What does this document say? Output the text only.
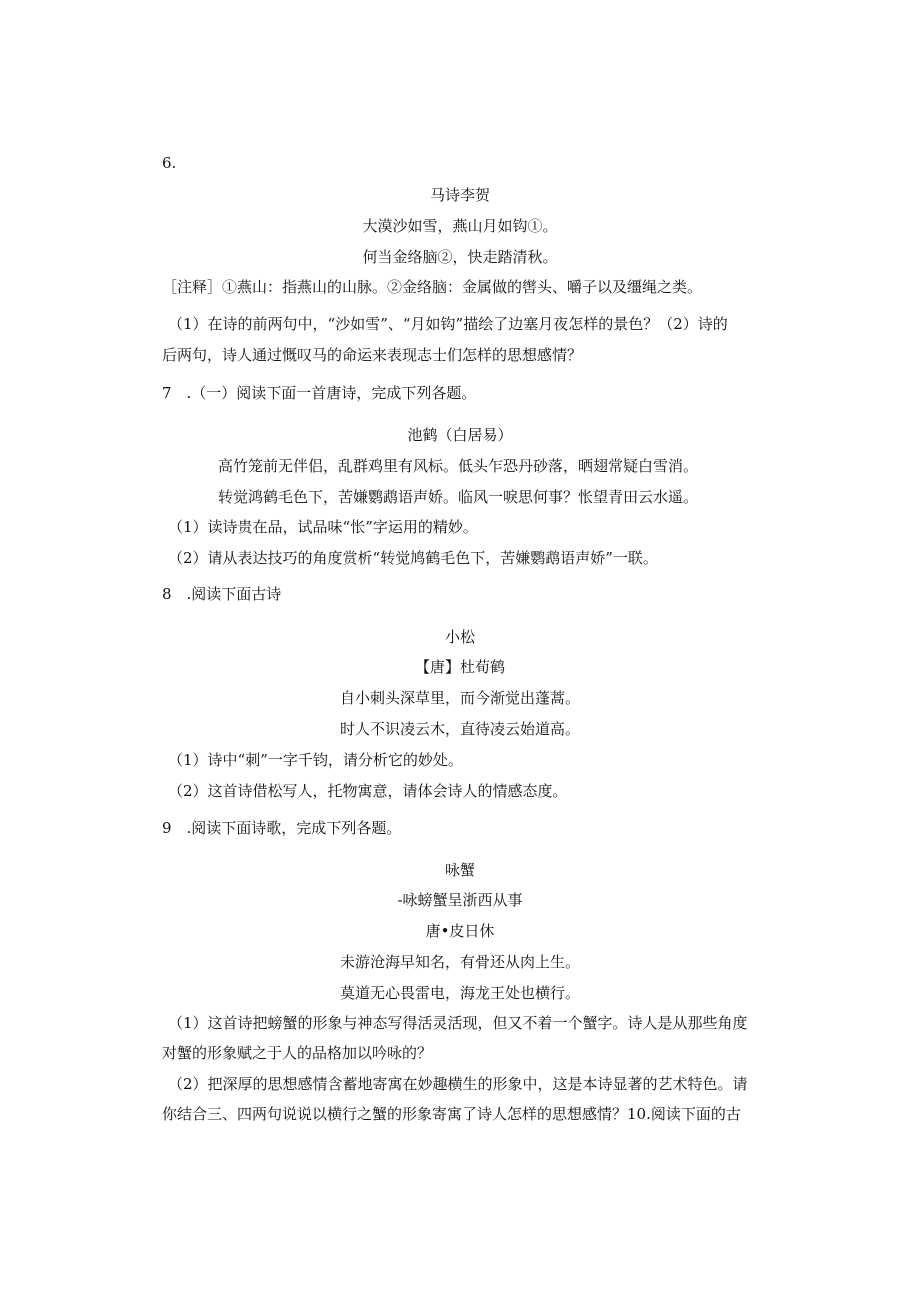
6.
马诗李贺
大漠沙如雪，燕山月如钩①。
何当金络脑②，快走踏清秋。
［注释］①燕山：指燕山的山脉。②金络脑：金属做的辔头、嚼子以及缰绳之类。
（1）在诗的前两句中，“沙如雪”、“月如钩”描绘了边塞月夜怎样的景色？（2）诗的
后两句，诗人通过慨叹马的命运来表现志士们怎样的思想感情？
7　.（一）阅读下面一首唐诗，完成下列各题。
池鹤（白居易）
高竹笼前无伴侣，乱群鸡里有风标。低头乍恐丹砂落，晒翅常疑白雪消。
转觉鸿鹤毛色下，苦嫌鹦鹉语声娇。临风一唳思何事？怅望青田云水遥。
（1）读诗贵在品，试品味“怅”字运用的精妙。
（2）请从表达技巧的角度赏析“转觉鸠鹤毛色下，苦嫌鹦鹉语声娇”一联。
8　.阅读下面古诗
小松
【唐】杜荀鹤
自小刺头深草里，而今渐觉出蓬蒿。
时人不识凌云木，直待凌云始道高。
（1）诗中“刺”一字千钧，请分析它的妙处。
（2）这首诗借松写人，托物寓意，请体会诗人的情感态度。
9　.阅读下面诗歌，完成下列各题。
咏蟹
-咏螃蟹呈浙西从事
唐•皮日休
未游沧海早知名，有骨还从肉上生。
莫道无心畏雷电，海龙王处也横行。
（1）这首诗把螃蟹的形象与神态写得活灵活现，但又不着一个蟹字。诗人是从那些角度
对蟹的形象赋之于人的品格加以吟咏的？
（2）把深厚的思想感情含蓄地寄寓在妙趣横生的形象中，这是本诗显著的艺术特色。请
你结合三、四两句说说以横行之蟹的形象寄寓了诗人怎样的思想感情？10.阅读下面的古
